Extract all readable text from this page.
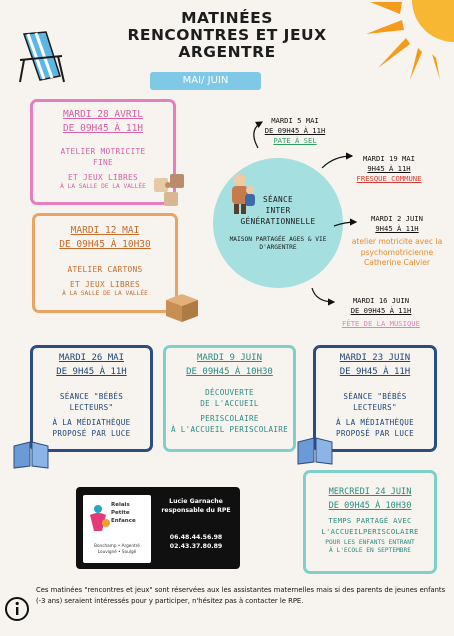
MATINÉES
RENCONTRES ET JEUX
ARGENTRE
MAI/ JUIN
MARDI 28 AVRIL
DE 09H45 À 11H
ATELIER MOTRICITE
FINE
ET JEUX LIBRES
À LA SALLE DE LA VALLÉE
MARDI 12 MAI
DE 09H45 À 10H30
ATELIER CARTONS
ET JEUX LIBRES
À LA SALLE DE LA VALLÉE
SÉANCE
INTER
GÉNÉRATIONNELLE
MAISON PARTAGÉE AGES & VIE
D'ARGENTRE
MARDI 5 MAI
DE 09H45 À 11H
PATE À SEL
MARDI 19 MAI
9H45 À 11H
FRESQUE COMMUNE
MARDI 2 JUIN
9H45 À 11H
atelier motricite avec la
psychomotricienne
Catherine Calvier
MARDI 16 JUIN
DE 09H45 À 11H
FÊTE DE LA MUSIQUE
MARDI 26 MAI
DE 9H45 À 11H
SÉANCE "BÉBÉS
LECTEURS"
À LA MÉDIATHÈQUE
PROPOSÉ PAR LUCE
MARDI 9 JUIN
DE 09H45 À 10H30
DÉCOUVERTE
DE L'ACCUEIL
PERISCOLAIRE
À L'ACCUEIL PERISCOLAIRE
MARDI 23 JUIN
DE 9H45 À 11H
SÉANCE "BÉBÉS
LECTEURS"
À LA MÉDIATHÈQUE
PROPOSÉ PAR LUCE
MERCREDI 24 JUIN
DE 09H45 À 10H30
TEMPS PARTAGÉ AVEC
L'ACCUEILPERISCOLAIRE
POUR LES ENFANTS ENTRANT
À L'ECOLE EN SEPTEMBRE
Relais
Petite
Enfance
Bonchamp • Argentré
Louvigné • Soulgé
Lucie Garnache
responsable du RPE
06.48.44.56.98
02.43.37.80.89
Ces matinées "rencontres et jeux" sont réservées aux les assistantes maternelles mais si des parents de jeunes enfants (-3 ans) seraient intéressés pour y participer, n'hésitez pas à contacter le RPE.
